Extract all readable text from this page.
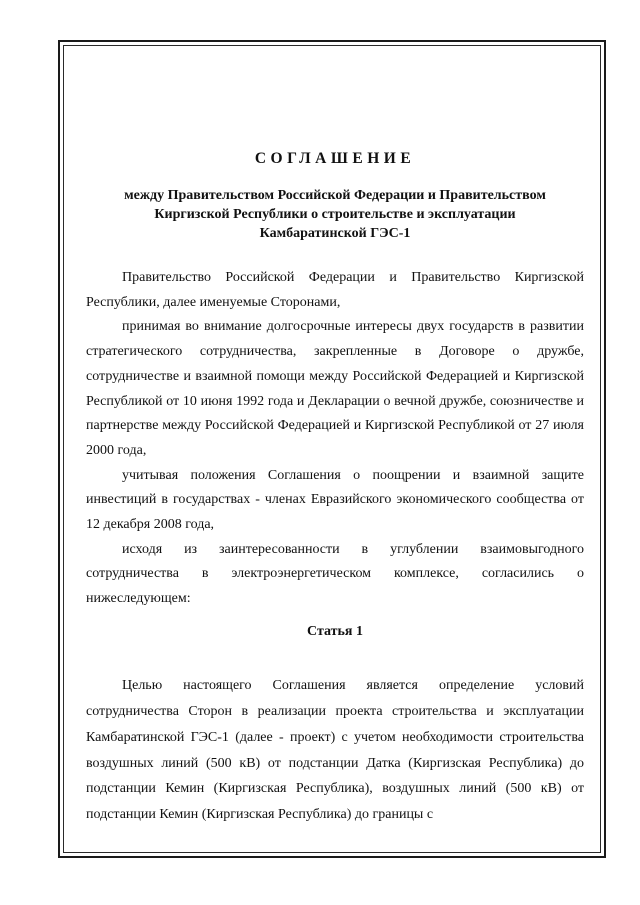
СОГЛАШЕНИЕ
между Правительством Российской Федерации и Правительством
Киргизской Республики о строительстве и эксплуатации
Камбаратинской ГЭС-1

Правительство Российской Федерации и Правительство Киргизской Республики, далее именуемые Сторонами,

принимая во внимание долгосрочные интересы двух государств в развитии стратегического сотрудничества, закрепленные в Договоре о дружбе, сотрудничестве и взаимной помощи между Российской Федерацией и Киргизской Республикой от 10 июня 1992 года и Декларации о вечной дружбе, союзничестве и партнерстве между Российской Федерацией и Киргизской Республикой от 27 июля 2000 года,

учитывая положения Соглашения о поощрении и взаимной защите инвестиций в государствах - членах Евразийского экономического сообщества от 12 декабря 2008 года,

исходя из заинтересованности в углублении взаимовыгодного сотрудничества в электроэнергетическом комплексе, согласились о нижеследующем:

Статья 1

Целью настоящего Соглашения является определение условий сотрудничества Сторон в реализации проекта строительства и эксплуатации Камбаратинской ГЭС-1 (далее - проект) с учетом необходимости строительства воздушных линий (500 кВ) от подстанции Датка (Киргизская Республика) до подстанции Кемин (Киргизская Республика), воздушных линий (500 кВ) от подстанции Кемин (Киргизская Республика) до границы с
